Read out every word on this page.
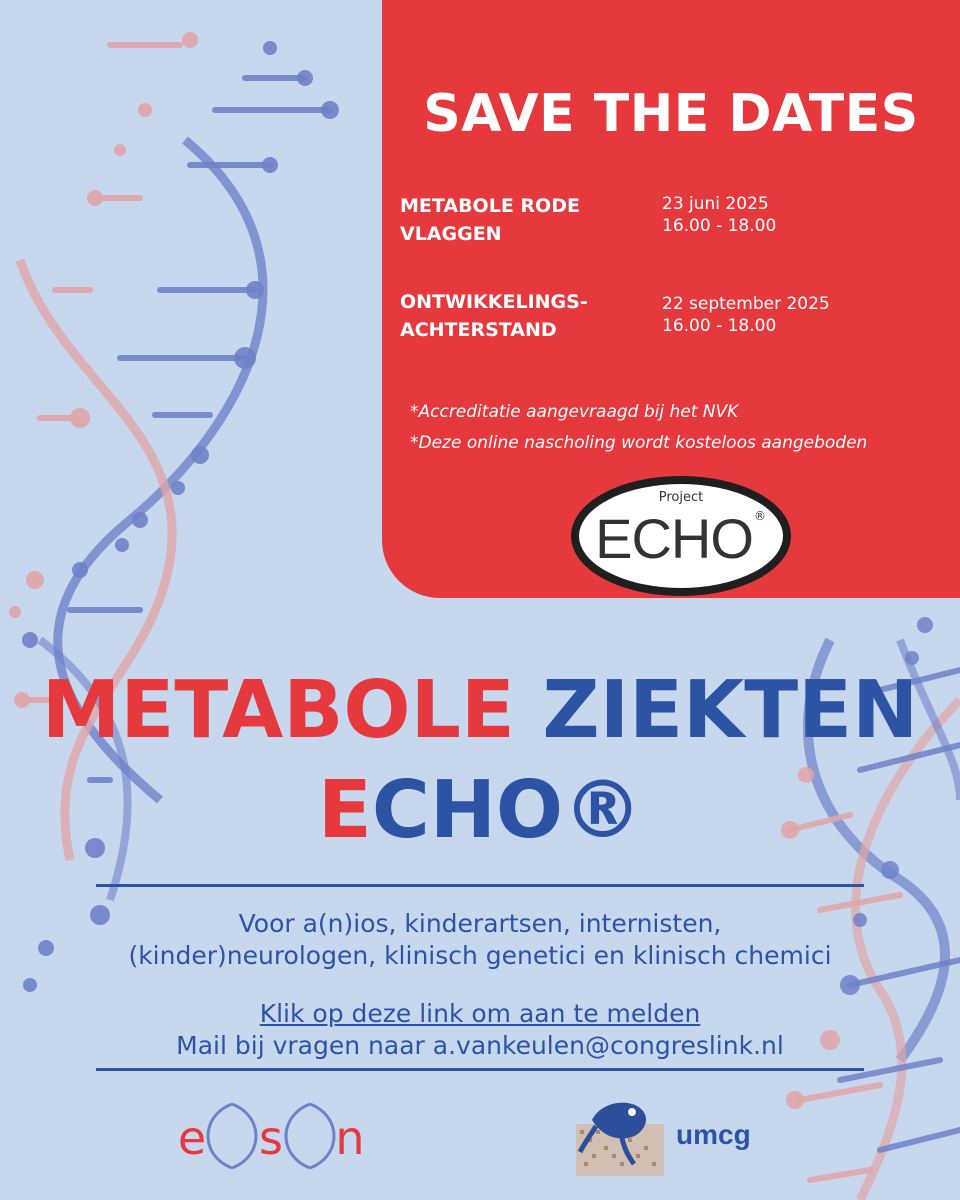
SAVE THE DATES
METABOLE RODE
VLAGGEN
23 juni 2025
16.00 - 18.00
ONTWIKKELINGS-
ACHTERSTAND
22 september 2025
16.00 - 18.00
*Accreditatie aangevraagd bij het NVK
*Deze online nascholing wordt kosteloos aangeboden
Project
ECHO ®
METABOLE ZIEKTEN
ECHO®
Voor a(n)ios, kinderartsen, internisten,
(kinder)neurologen, klinisch genetici en klinisch chemici
Klik op deze link om aan te melden
Mail bij vragen naar a.vankeulen@congreslink.nl
e s n	umcg
